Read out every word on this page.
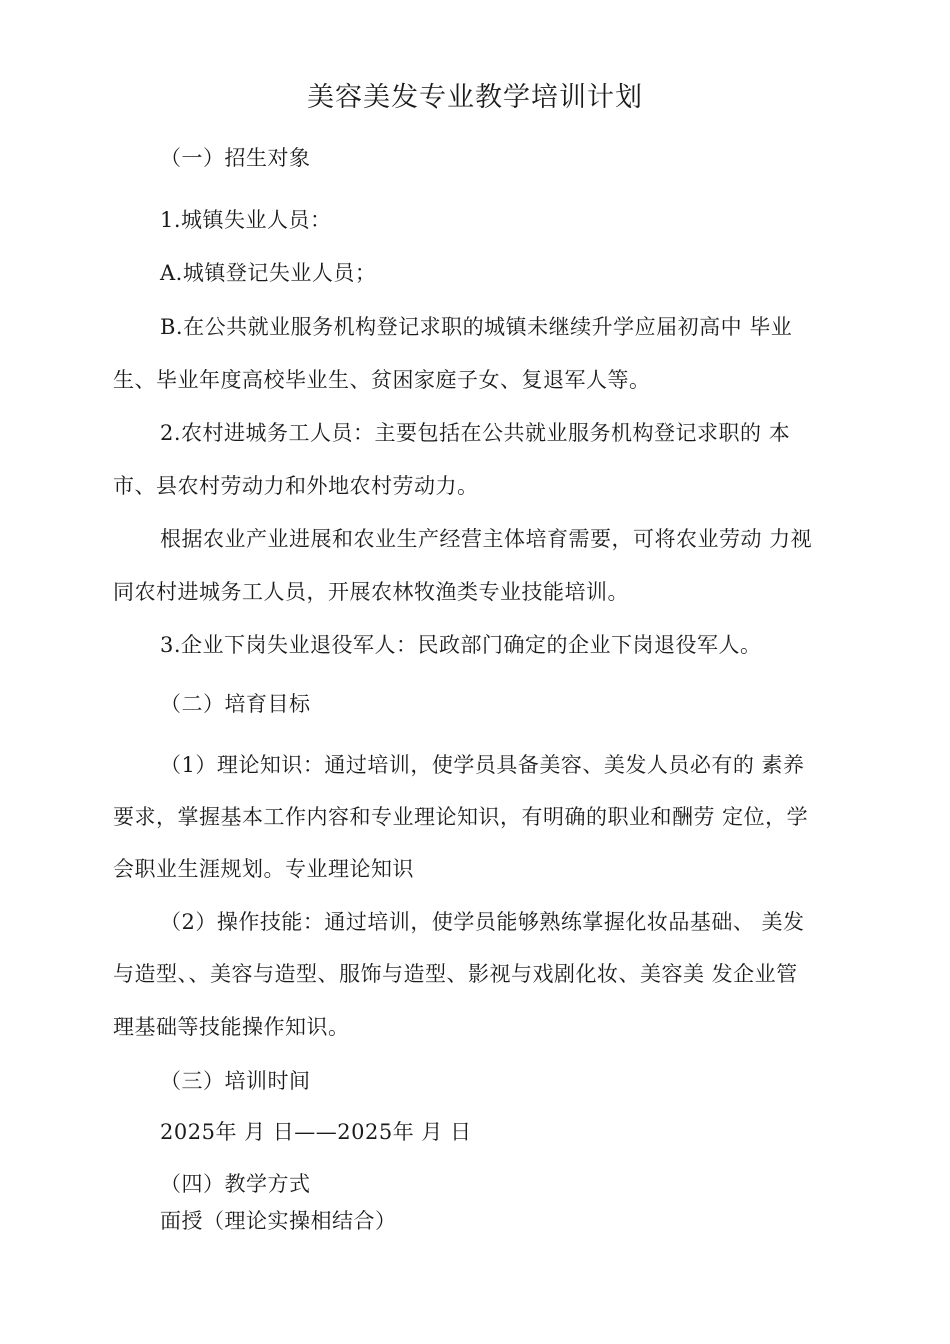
美容美发专业教学培训计划
（一）招生对象
1.城镇失业人员：
A.城镇登记失业人员；
B.在公共就业服务机构登记求职的城镇未继续升学应届初高中 毕业
生、毕业年度高校毕业生、贫困家庭子女、复退军人等。
2.农村进城务工人员：主要包括在公共就业服务机构登记求职的 本
市、县农村劳动力和外地农村劳动力。
根据农业产业进展和农业生产经营主体培育需要，可将农业劳动 力视
同农村进城务工人员，开展农林牧渔类专业技能培训。
3.企业下岗失业退役军人：民政部门确定的企业下岗退役军人。
（二）培育目标
（1）理论知识：通过培训，使学员具备美容、美发人员必有的 素养
要求，掌握基本工作内容和专业理论知识，有明确的职业和酬劳 定位，学
会职业生涯规划。专业理论知识
（2）操作技能：通过培训，使学员能够熟练掌握化妆品基础、 美发
与造型、、美容与造型、服饰与造型、影视与戏剧化妆、美容美 发企业管
理基础等技能操作知识。
（三）培训时间
2025年 月 日——2025年 月 日
（四）教学方式
面授（理论实操相结合）
